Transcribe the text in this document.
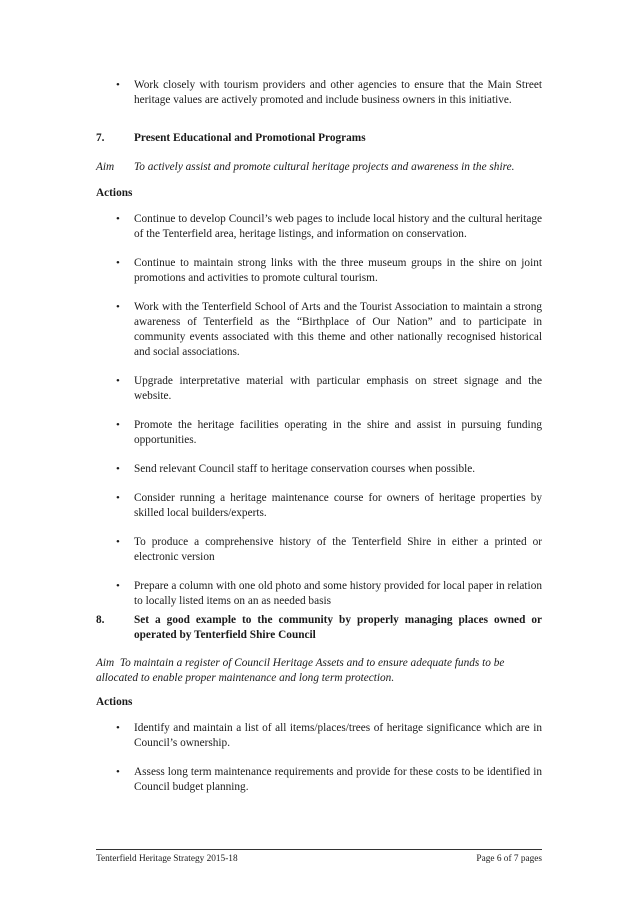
• Work closely with tourism providers and other agencies to ensure that the Main Street heritage values are actively promoted and include business owners in this initiative.
7.	Present Educational and Promotional Programs
Aim To actively assist and promote cultural heritage projects and awareness in the shire.
Actions
• Continue to develop Council’s web pages to include local history and the cultural heritage of the Tenterfield area, heritage listings, and information on conservation.
• Continue to maintain strong links with the three museum groups in the shire on joint promotions and activities to promote cultural tourism.
• Work with the Tenterfield School of Arts and the Tourist Association to maintain a strong awareness of Tenterfield as the “Birthplace of Our Nation” and to participate in community events associated with this theme and other nationally recognised historical and social associations.
• Upgrade interpretative material with particular emphasis on street signage and the website.
• Promote the heritage facilities operating in the shire and assist in pursuing funding opportunities.
• Send relevant Council staff to heritage conservation courses when possible.
• Consider running a heritage maintenance course for owners of heritage properties by skilled local builders/experts.
• To produce a comprehensive history of the Tenterfield Shire in either a printed or electronic version
• Prepare a column with one old photo and some history provided for local paper in relation to locally listed items on an as needed basis
8.	Set a good example to the community by properly managing places owned or operated by Tenterfield Shire Council
Aim To maintain a register of Council Heritage Assets and to ensure adequate funds to be allocated to enable proper maintenance and long term protection.
Actions
• Identify and maintain a list of all items/places/trees of heritage significance which are in Council’s ownership.
• Assess long term maintenance requirements and provide for these costs to be identified in Council budget planning.
Tenterfield Heritage Strategy 2015-18	Page 6 of 7 pages
